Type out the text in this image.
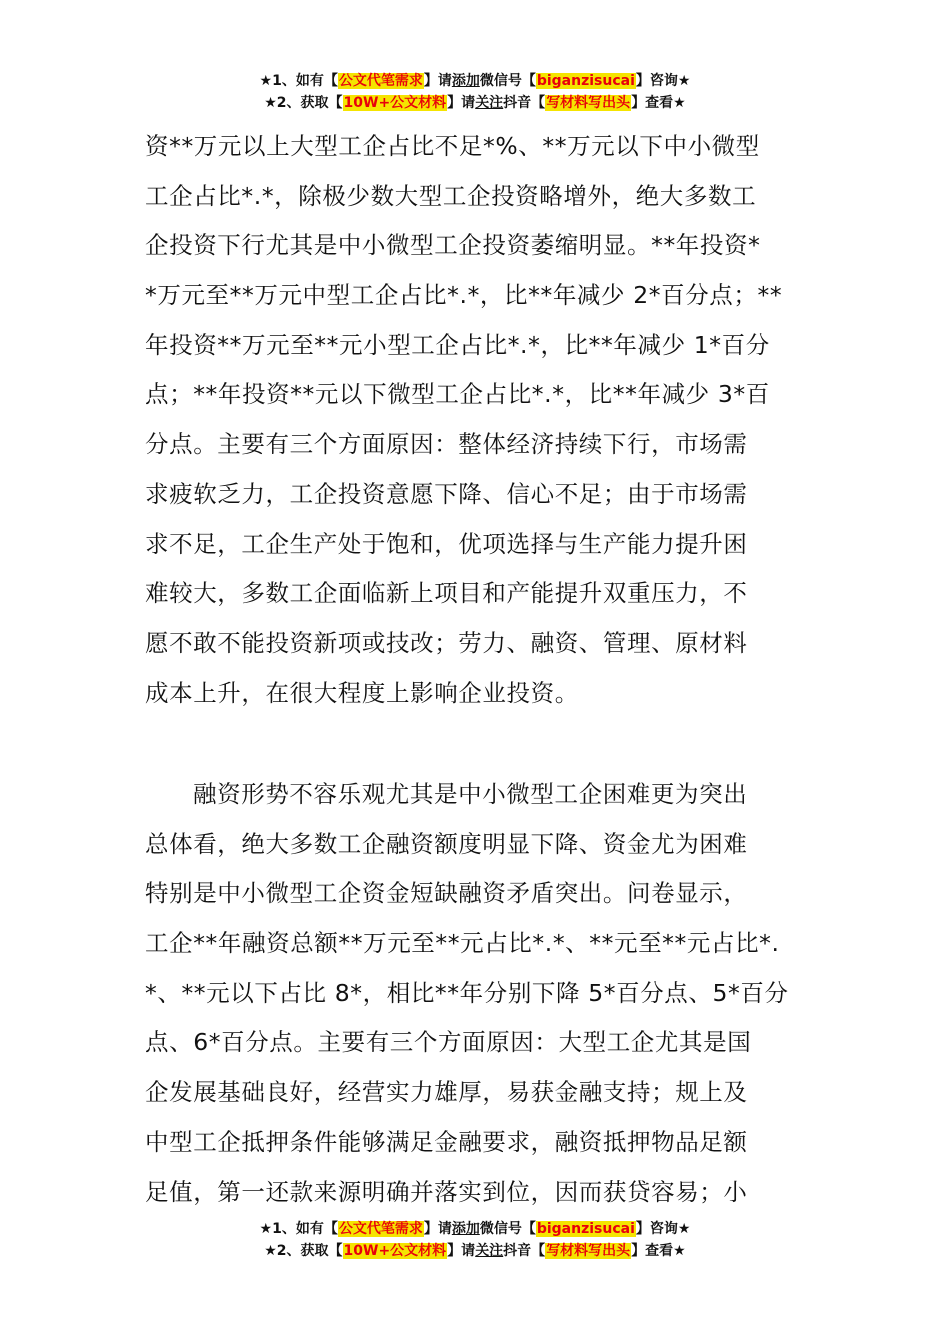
★1、如有【公文代笔需求】请添加微信号【biganzisucai】咨询★
★2、获取【10W+公文材料】请关注抖音【写材料写出头】查看★
资**万元以上大型工企占比不足*%、**万元以下中小微型
工企占比*.*，除极少数大型工企投资略增外，绝大多数工
企投资下行尤其是中小微型工企投资萎缩明显。**年投资*
*万元至**万元中型工企占比*.*，比**年减少 2*百分点；**
年投资**万元至**元小型工企占比*.*，比**年减少 1*百分
点；**年投资**元以下微型工企占比*.*，比**年减少 3*百
分点。主要有三个方面原因：整体经济持续下行，市场需
求疲软乏力，工企投资意愿下降、信心不足；由于市场需
求不足，工企生产处于饱和，优项选择与生产能力提升困
难较大，多数工企面临新上项目和产能提升双重压力，不
愿不敢不能投资新项或技改；劳力、融资、管理、原材料
成本上升，在很大程度上影响企业投资。
融资形势不容乐观尤其是中小微型工企困难更为突出
总体看，绝大多数工企融资额度明显下降、资金尤为困难
特别是中小微型工企资金短缺融资矛盾突出。问卷显示，
工企**年融资总额**万元至**元占比*.*、**元至**元占比*.
*、**元以下占比 8*，相比**年分别下降 5*百分点、5*百分
点、6*百分点。主要有三个方面原因：大型工企尤其是国
企发展基础良好，经营实力雄厚，易获金融支持；规上及
中型工企抵押条件能够满足金融要求，融资抵押物品足额
足值，第一还款来源明确并落实到位，因而获贷容易；小
★1、如有【公文代笔需求】请添加微信号【biganzisucai】咨询★
★2、获取【10W+公文材料】请关注抖音【写材料写出头】查看★
